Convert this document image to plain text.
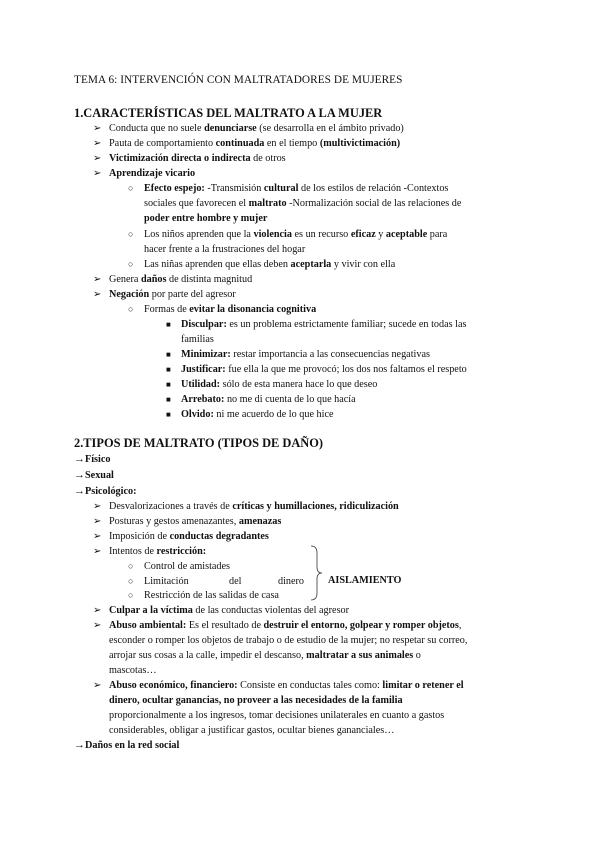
TEMA 6: INTERVENCIÓN CON MALTRATADORES DE MUJERES
1.CARACTERÍSTICAS DEL MALTRATO A LA MUJER
➢ Conducta que no suele denunciarse (se desarrolla en el ámbito privado)
➢ Pauta de comportamiento continuada en el tiempo (multivictimación)
➢ Victimización directa o indirecta de otros
➢ Aprendizaje vicario
○ Efecto espejo: -Transmisión cultural de los estilos de relación -Contextos
sociales que favorecen el maltrato -Normalización social de las relaciones de
poder entre hombre y mujer
○ Los niños aprenden que la violencia es un recurso eficaz y aceptable para
hacer frente a la frustraciones del hogar
○ Las niñas aprenden que ellas deben aceptarla y vivir con ella
➢ Genera daños de distinta magnitud
➢ Negación por parte del agresor
○ Formas de evitar la disonancia cognitiva
■ Disculpar: es un problema estrictamente familiar; sucede en todas las
familias
■ Minimizar: restar importancia a las consecuencias negativas
■ Justificar: fue ella la que me provocó; los dos nos faltamos el respeto
■ Utilidad: sólo de esta manera hace lo que deseo
■ Arrebato: no me di cuenta de lo que hacía
■ Olvido: ni me acuerdo de lo que hice
2.TIPOS DE MALTRATO (TIPOS DE DAÑO)
→Físico
→Sexual
→Psicológico:
➢ Desvalorizaciones a través de críticas y humillaciones, ridiculización
➢ Posturas y gestos amenazantes, amenazas
➢ Imposición de conductas degradantes
➢ Intentos de restricción:
○ Control de amistades
○ Limitación	del	dinero
○ Restricción de las salidas de casa
AISLAMIENTO
➢ Culpar a la víctima de las conductas violentas del agresor
➢ Abuso ambiental: Es el resultado de destruir el entorno, golpear y romper objetos,
esconder o romper los objetos de trabajo o de estudio de la mujer; no respetar su correo,
arrojar sus cosas a la calle, impedir el descanso, maltratar a sus animales o
mascotas…
➢ Abuso económico, financiero: Consiste en conductas tales como: limitar o retener el
dinero, ocultar ganancias, no proveer a las necesidades de la familia
proporcionalmente a los ingresos, tomar decisiones unilaterales en cuanto a gastos
considerables, obligar a justificar gastos, ocultar bienes gananciales…
→Daños en la red social
